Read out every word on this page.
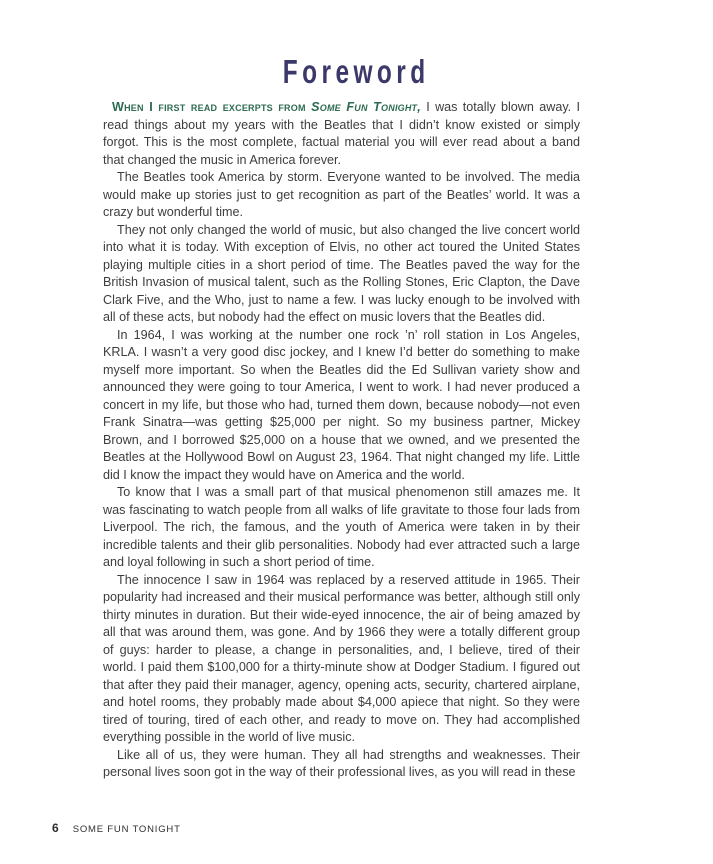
Foreword

When I first read excerpts from Some Fun Tonight, I was totally blown away. I read things about my years with the Beatles that I didn’t know existed or simply forgot. This is the most complete, factual material you will ever read about a band that changed the music in America forever.

The Beatles took America by storm. Everyone wanted to be involved. The media would make up stories just to get recognition as part of the Beatles’ world. It was a crazy but wonderful time.

They not only changed the world of music, but also changed the live concert world into what it is today. With exception of Elvis, no other act toured the United States playing multiple cities in a short period of time. The Beatles paved the way for the British Invasion of musical talent, such as the Rolling Stones, Eric Clapton, the Dave Clark Five, and the Who, just to name a few. I was lucky enough to be involved with all of these acts, but nobody had the effect on music lovers that the Beatles did.

In 1964, I was working at the number one rock ’n’ roll station in Los Angeles, KRLA. I wasn’t a very good disc jockey, and I knew I’d better do something to make myself more important. So when the Beatles did the Ed Sullivan variety show and announced they were going to tour America, I went to work. I had never produced a concert in my life, but those who had, turned them down, because nobody—not even Frank Sinatra—was getting $25,000 per night. So my business partner, Mickey Brown, and I borrowed $25,000 on a house that we owned, and we presented the Beatles at the Hollywood Bowl on August 23, 1964. That night changed my life. Little did I know the impact they would have on America and the world.

To know that I was a small part of that musical phenomenon still amazes me. It was fascinating to watch people from all walks of life gravitate to those four lads from Liverpool. The rich, the famous, and the youth of America were taken in by their incredible talents and their glib personalities. Nobody had ever attracted such a large and loyal following in such a short period of time.

The innocence I saw in 1964 was replaced by a reserved attitude in 1965. Their popularity had increased and their musical performance was better, although still only thirty minutes in duration. But their wide-eyed innocence, the air of being amazed by all that was around them, was gone. And by 1966 they were a totally different group of guys: harder to please, a change in personalities, and, I believe, tired of their world. I paid them $100,000 for a thirty-minute show at Dodger Stadium. I figured out that after they paid their manager, agency, opening acts, security, chartered airplane, and hotel rooms, they probably made about $4,000 apiece that night. So they were tired of touring, tired of each other, and ready to move on. They had accomplished everything possible in the world of live music.

Like all of us, they were human. They all had strengths and weaknesses. Their personal lives soon got in the way of their professional lives, as you will read in these

6 SOME FUN TONIGHT
